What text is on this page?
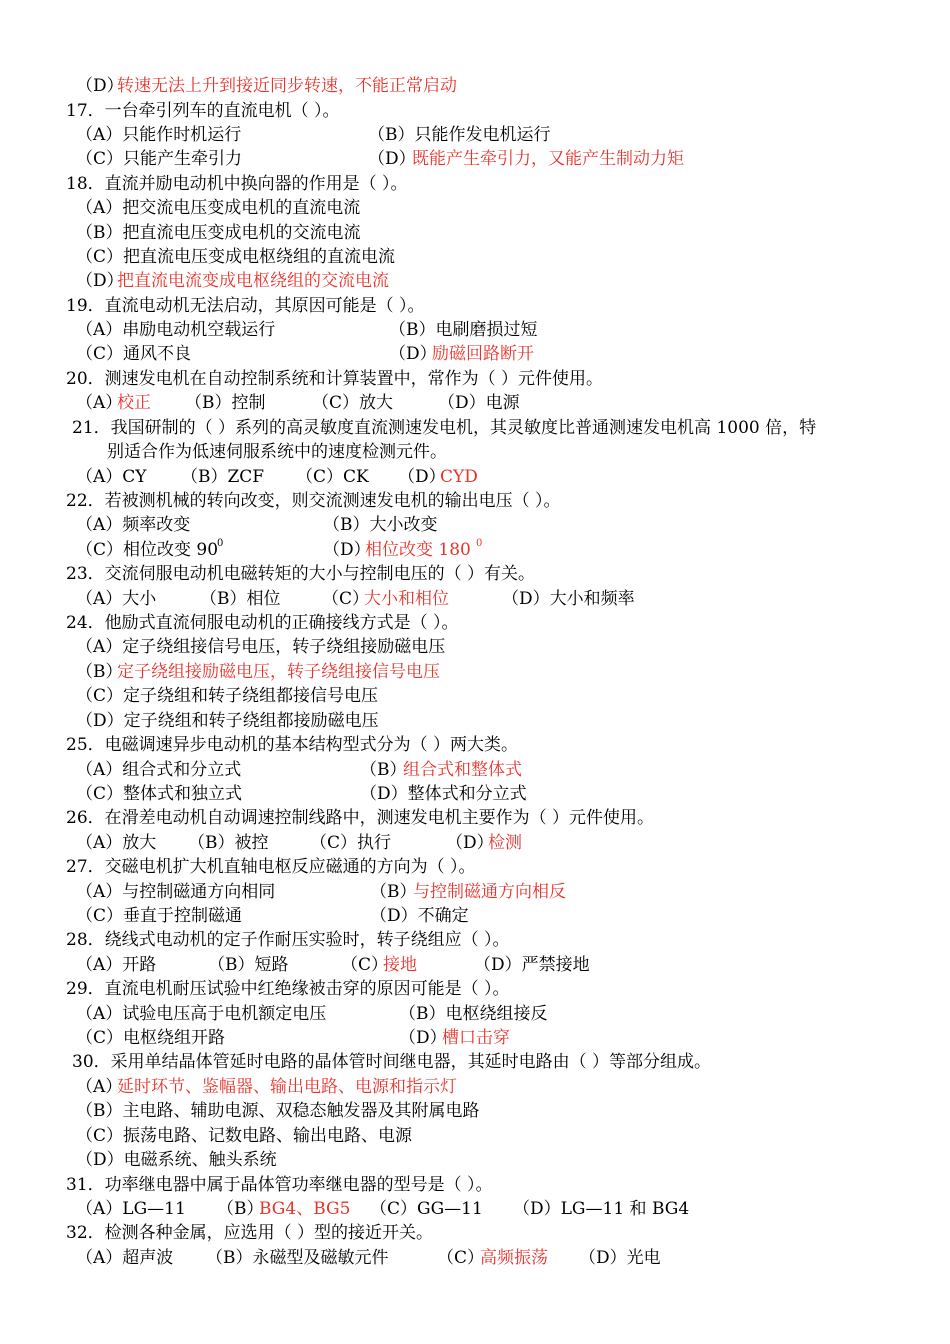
（D）
转速无法上升到接近同步转速，不能正常启动
17．一台牵引列车的直流电机（ ）。
（A）只能作时机运行	（B）只能作发电机运行
（C）只能产生牵引力	（D）
既能产生牵引力，又能产生制动力矩
18．直流并励电动机中换向器的作用是（ ）。
（A）把交流电压变成电机的直流电流
（B）把直流电压变成电机的交流电流
（C）把直流电压变成电枢绕组的直流电流
（D）
把直流电流变成电枢绕组的交流电流
19．直流电动机无法启动，其原因可能是（ ）。
（A）串励电动机空载运行	（B）电刷磨损过短
（C）通风不良	（D）
励磁回路断开
20．测速发电机在自动控制系统和计算装置中，常作为（ ）元件使用。
（A）
校正 （B）控制	（C）放大	（D）电源
21．我国研制的（ ）系列的高灵敏度直流测速发电机，其灵敏度比普通测速发电机高 1000 倍，特
别适合作为低速伺服系统中的速度检测元件。
（A）CY （B）ZCF （C）CK （D）
CYD
22．若被测机械的转向改变，则交流测速发电机的输出电压（ ）。
（A）频率改变	（B）大小改变
（C）相位改变 90
$^0$	（D）
相位改变 180 $^0$
23．交流伺服电动机电磁转矩的大小与控制电压的（ ）有关。
（A）大小	（B）相位 （C）
大小和相位	（D）大小和频率
24．他励式直流伺服电动机的正确接线方式是（ ）。
（A）定子绕组接信号电压，转子绕组接励磁电压
（B）
定子绕组接励磁电压，转子绕组接信号电压
（C）定子绕组和转子绕组都接信号电压
（D）定子绕组和转子绕组都接励磁电压
25．电磁调速异步电动机的基本结构型式分为（ ）两大类。
（A）组合式和分立式	（B）
组合式和整体式
（C）整体式和独立式	（D）整体式和分立式
26．在滑差电动机自动调速控制线路中，测速发电机主要作为（ ）元件使用。
（A）放大 （B）被控 （C）执行	（D）
检测
27．交磁电机扩大机直轴电枢反应磁通的方向为（ ）。
（A）与控制磁通方向相同	（B）
与控制磁通方向相反
（C）垂直于控制磁通	（D）不确定
28．绕线式电动机的定子作耐压实验时，转子绕组应（ ）。
（A）开路	（B）短路	（C）
接地	（D）严禁接地
29．直流电机耐压试验中红绝缘被击穿的原因可能是（ ）。
（A）试验电压高于电机额定电压	（B）电枢绕组接反
（C）电枢绕组开路	（D）
槽口击穿
30．采用单结晶体管延时电路的晶体管时间继电器，其延时电路由（ ）等部分组成。
（A）
延时环节、鉴幅器、输出电路、电源和指示灯
（B）主电路、辅助电源、双稳态触发器及其附属电路
（C）振荡电路、记数电路、输出电路、电源
（D）电磁系统、触头系统
31．功率继电器中属于晶体管功率继电器的型号是（ ）。
（A）LG—11 （B）
BG4、BG5 （C）GG—11 （D）LG—11 和 BG4
32．检测各种金属，应选用（ ）型的接近开关。
（A）超声波 （B）永磁型及磁敏元件	（C）
高频振荡 （D）光电
